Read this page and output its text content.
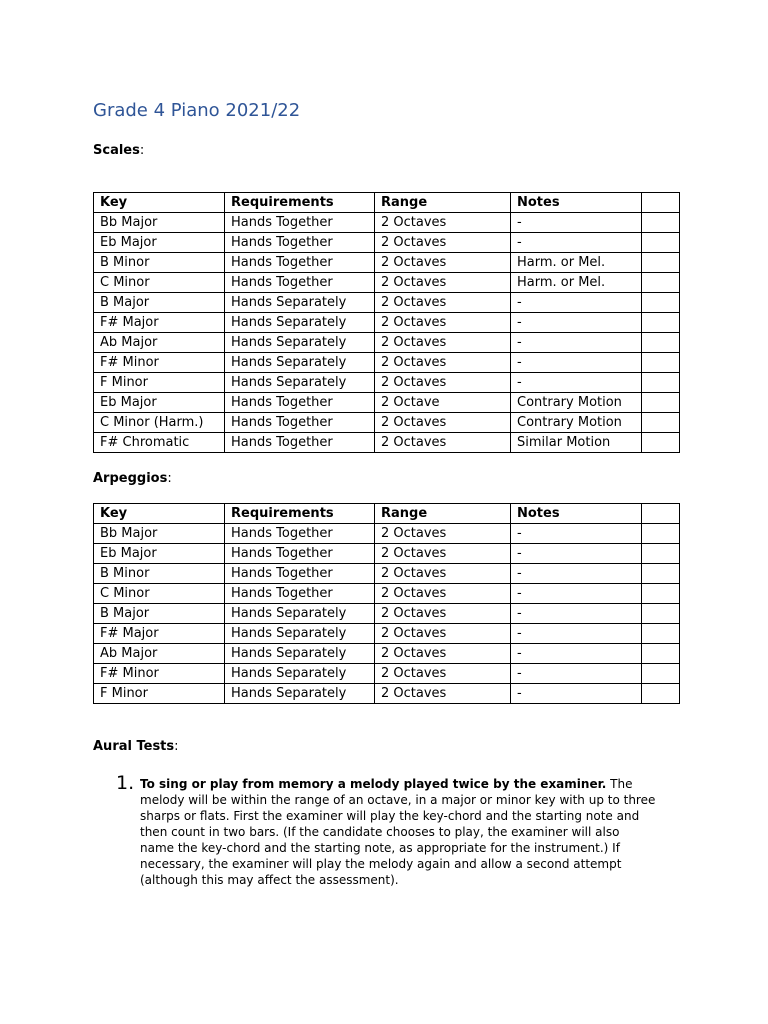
Grade 4 Piano 2021/22
Scales:
Key	Requirements	Range	Notes	
Bb Major	Hands Together	2 Octaves	-	
Eb Major	Hands Together	2 Octaves	-	
B Minor	Hands Together	2 Octaves	Harm. or Mel.	
C Minor	Hands Together	2 Octaves	Harm. or Mel.	
B Major	Hands Separately	2 Octaves	-	
F# Major	Hands Separately	2 Octaves	-	
Ab Major	Hands Separately	2 Octaves	-	
F# Minor	Hands Separately	2 Octaves	-	
F Minor	Hands Separately	2 Octaves	-	
Eb Major	Hands Together	2 Octave	Contrary Motion	
C Minor (Harm.)	Hands Together	2 Octaves	Contrary Motion	
F# Chromatic	Hands Together	2 Octaves	Similar Motion	
Arpeggios:
Key	Requirements	Range	Notes	
Bb Major	Hands Together	2 Octaves	-	
Eb Major	Hands Together	2 Octaves	-	
B Minor	Hands Together	2 Octaves	-	
C Minor	Hands Together	2 Octaves	-	
B Major	Hands Separately	2 Octaves	-	
F# Major	Hands Separately	2 Octaves	-	
Ab Major	Hands Separately	2 Octaves	-	
F# Minor	Hands Separately	2 Octaves	-	
F Minor	Hands Separately	2 Octaves	-	
Aural Tests:
1. To sing or play from memory a melody played twice by the examiner. The melody will be within the range of an octave, in a major or minor key with up to three sharps or flats. First the examiner will play the key-chord and the starting note and then count in two bars. (If the candidate chooses to play, the examiner will also name the key-chord and the starting note, as appropriate for the instrument.) If necessary, the examiner will play the melody again and allow a second attempt (although this may affect the assessment).
